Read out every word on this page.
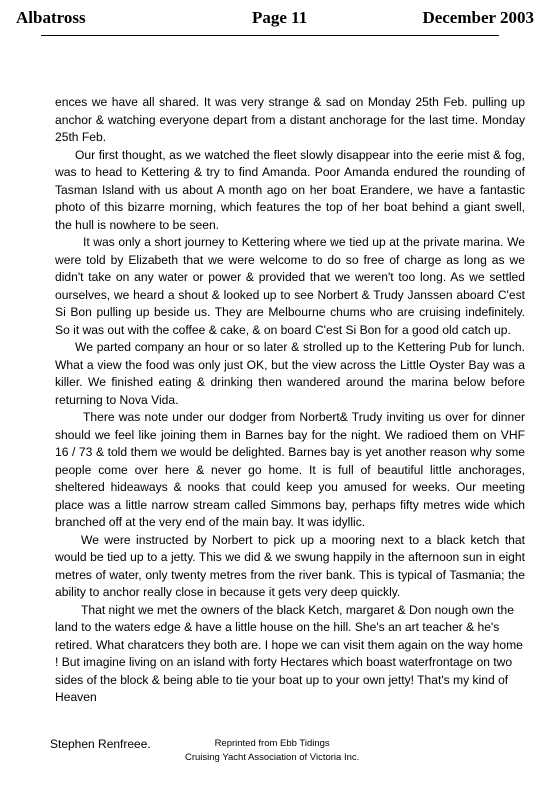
Albatross	Page 11	December 2003

ences we have all shared. It was very strange & sad on Monday 25th Feb. pulling up anchor & watching everyone depart from a distant anchorage for the last time. Monday 25th Feb.

Our first thought, as we watched the fleet slowly disappear into the eerie mist & fog, was to head to Kettering & try to find Amanda. Poor Amanda endured the rounding of Tasman Island with us about A month ago on her boat Erandere, we have a fantastic photo of this bizarre morning, which features the top of her boat behind a giant swell, the hull is nowhere to be seen.

It was only a short journey to Kettering where we tied up at the private marina. We were told by Elizabeth that we were welcome to do so free of charge as long as we didn't take on any water or power & provided that we weren't too long. As we settled ourselves, we heard a shout & looked up to see Norbert & Trudy Janssen aboard C'est Si Bon pulling up beside us. They are Melbourne chums who are cruising indefinitely. So it was out with the coffee & cake, & on board C'est Si Bon for a good old catch up.

We parted company an hour or so later & strolled up to the Kettering Pub for lunch. What a view the food was only just OK, but the view across the Little Oyster Bay was a killer. We finished eating & drinking then wandered around the marina below before returning to Nova Vida.

There was note under our dodger from Norbert& Trudy inviting us over for dinner should we feel like joining them in Barnes bay for the night. We radioed them on VHF 16 / 73 & told them we would be delighted. Barnes bay is yet another reason why some people come over here & never go home. It is full of beautiful little anchorages, sheltered hideaways & nooks that could keep you amused for weeks. Our meeting place was a little narrow stream called Simmons bay, perhaps fifty metres wide which branched off at the very end of the main bay. It was idyllic.

We were instructed by Norbert to pick up a mooring next to a black ketch that would be tied up to a jetty. This we did & we swung happily in the afternoon sun in eight metres of water, only twenty metres from the river bank. This is typical of Tasmania; the ability to anchor really close in because it gets very deep quickly.

That night we met the owners of the black Ketch, margaret & Don nough own the land to the waters edge & have a little house on the hill. She's an art teacher & he's retired. What charatcers they both are. I hope we can visit them again on the way home ! But imagine living on an island with forty Hectares which boast waterfrontage on two sides of the block & being able to tie your boat up to your own jetty! That's my kind of Heaven

Stephen Renfreee.	Reprinted from Ebb Tidings
Cruising Yacht Association of Victoria Inc.
